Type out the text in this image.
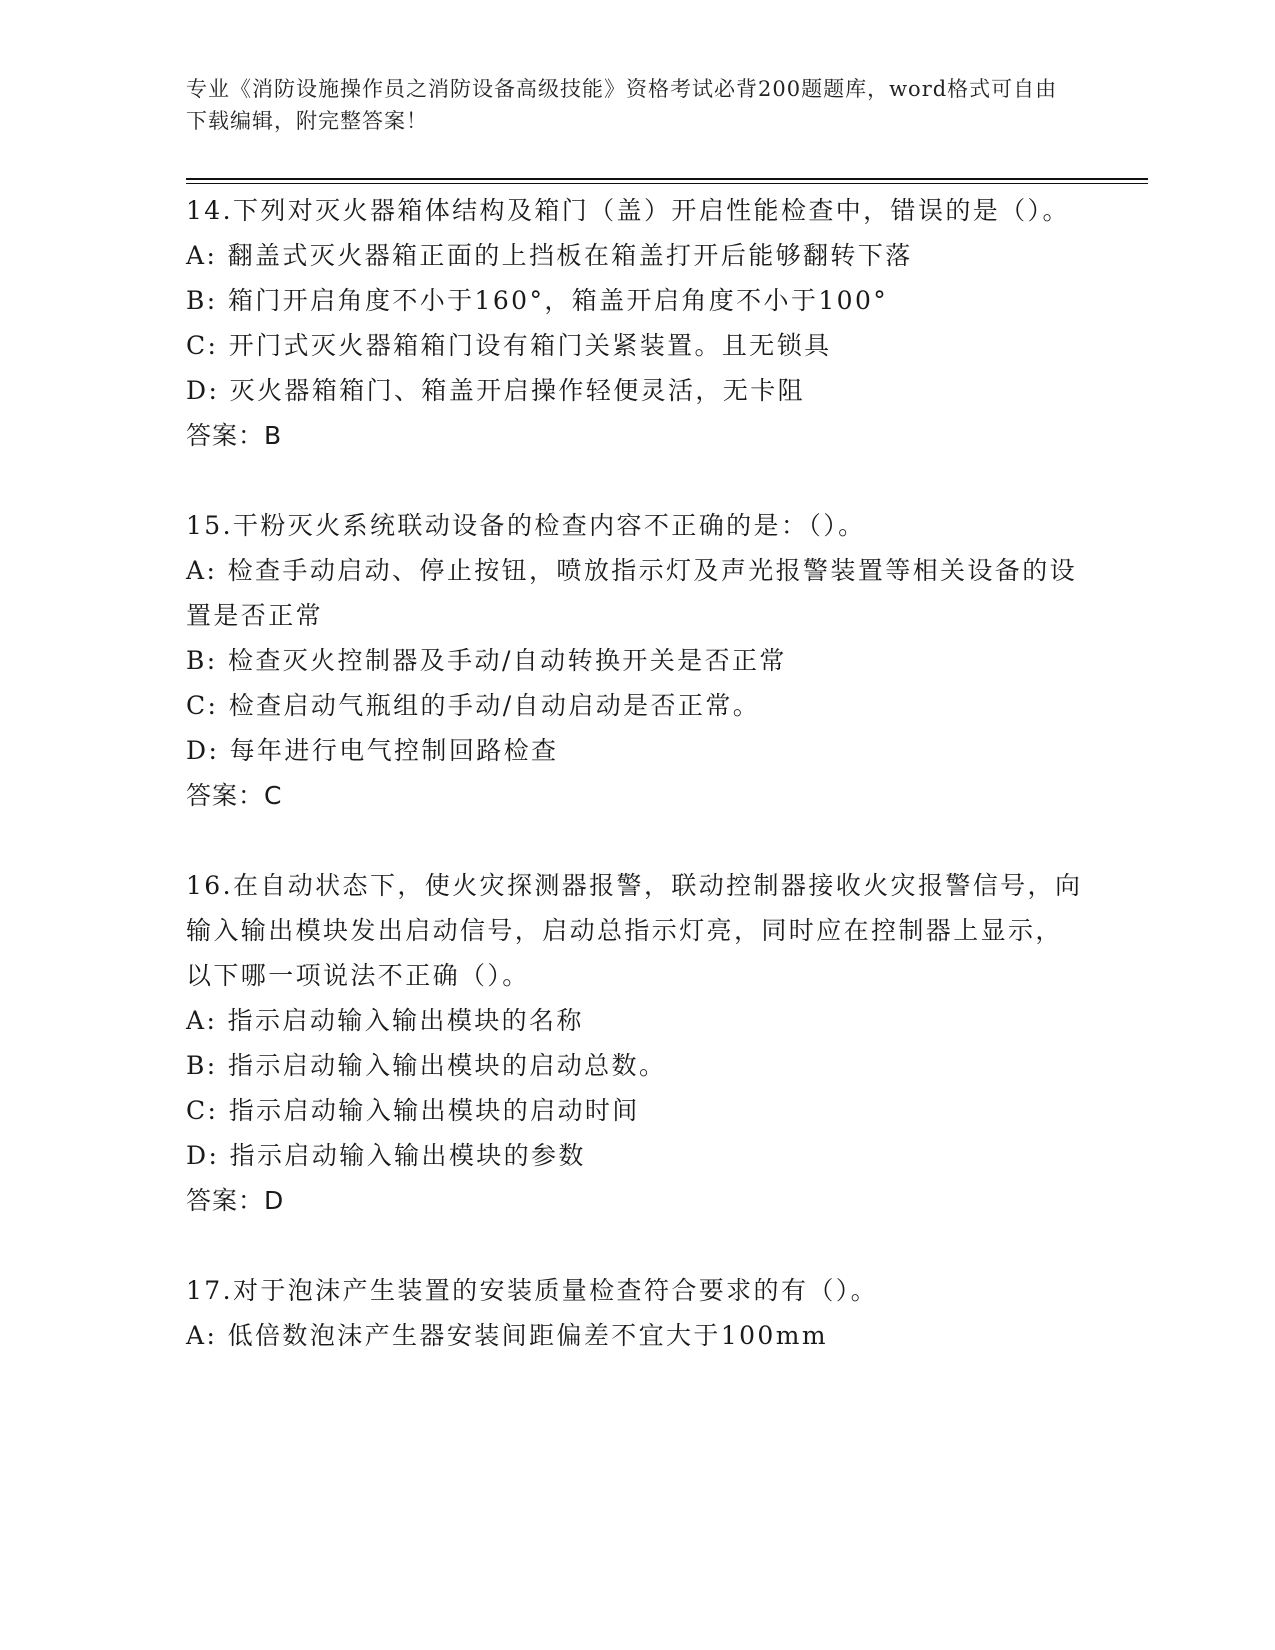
专业《消防设施操作员之消防设备高级技能》资格考试必背200题题库，word格式可自由下载编辑，附完整答案！
14.下列对灭火器箱体结构及箱门（盖）开启性能检查中，错误的是（）。
A: 翻盖式灭火器箱正面的上挡板在箱盖打开后能够翻转下落
B: 箱门开启角度不小于160°，箱盖开启角度不小于100°
C: 开门式灭火器箱箱门设有箱门关紧装置。且无锁具
D: 灭火器箱箱门、箱盖开启操作轻便灵活，无卡阻
答案：B
15.干粉灭火系统联动设备的检查内容不正确的是：（）。
A: 检查手动启动、停止按钮，喷放指示灯及声光报警装置等相关设备的设置是否正常
B: 检查灭火控制器及手动/自动转换开关是否正常
C: 检查启动气瓶组的手动/自动启动是否正常。
D: 每年进行电气控制回路检查
答案：C
16.在自动状态下，使火灾探测器报警，联动控制器接收火灾报警信号，向输入输出模块发出启动信号，启动总指示灯亮，同时应在控制器上显示，以下哪一项说法不正确（）。
A: 指示启动输入输出模块的名称
B: 指示启动输入输出模块的启动总数。
C: 指示启动输入输出模块的启动时间
D: 指示启动输入输出模块的参数
答案：D
17.对于泡沫产生装置的安装质量检查符合要求的有（）。
A: 低倍数泡沫产生器安装间距偏差不宜大于100mm
